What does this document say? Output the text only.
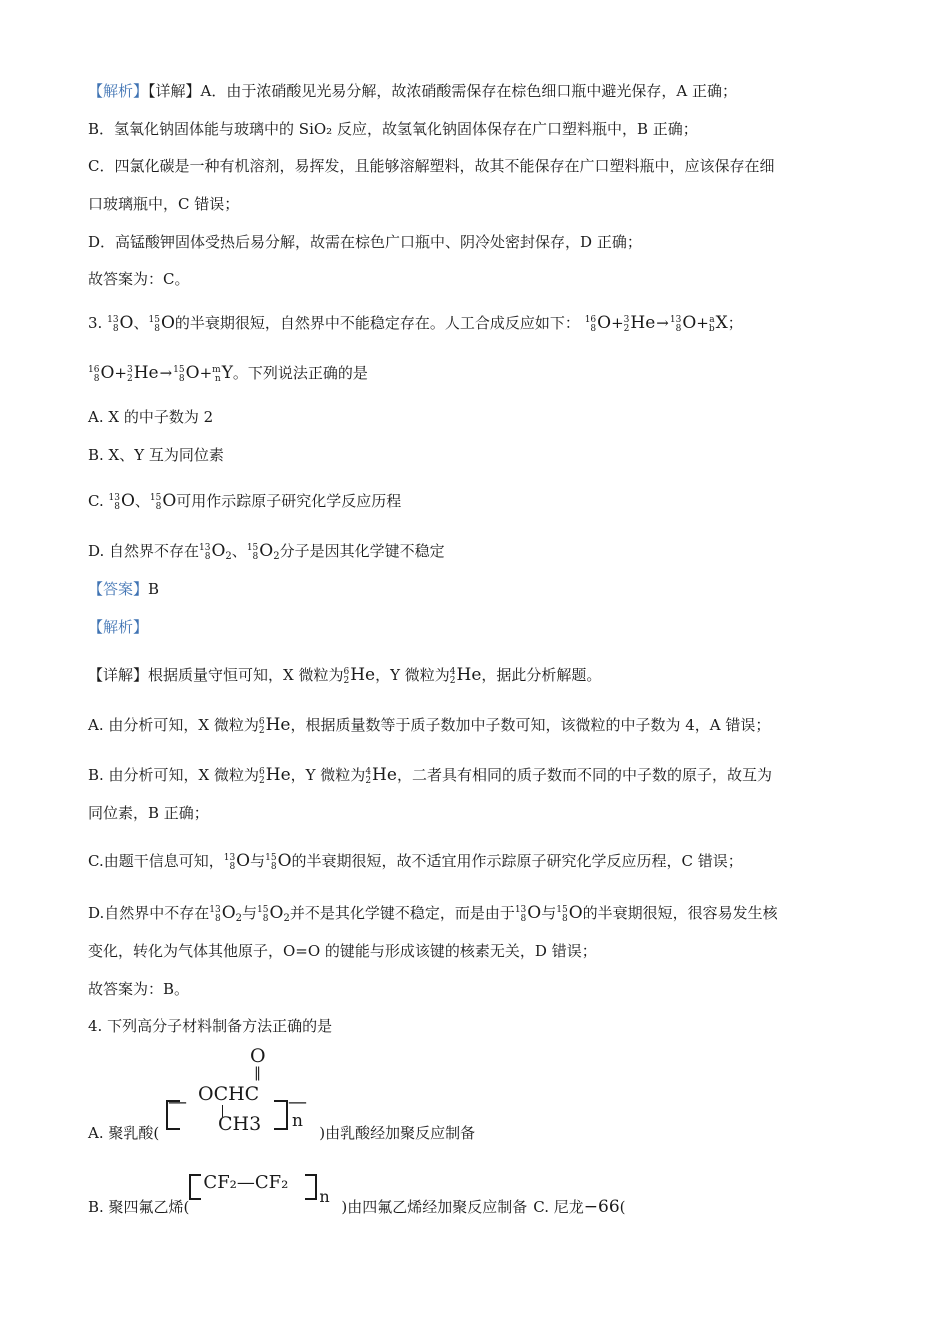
【解析】【详解】A．由于浓硝酸见光易分解，故浓硝酸需保存在棕色细口瓶中避光保存，A 正确；
B．氢氧化钠固体能与玻璃中的 SiO₂ 反应，故氢氧化钠固体保存在广口塑料瓶中，B 正确；
C．四氯化碳是一种有机溶剂，易挥发，且能够溶解塑料，故其不能保存在广口塑料瓶中，应该保存在细
口玻璃瓶中，C 错误；
D．高锰酸钾固体受热后易分解，故需在棕色广口瓶中、阴冷处密封保存，D 正确；
故答案为：C。
3. 13
8 O、 15
8 O的半衰期很短，自然界中不能稳定存在。人工合成反应如下： 16
8 O+ 3
2 He→ 13
8 O+ a
b X；
16
8 O+ 3
2 He→ 15
8 O+ m
n Y。下列说法正确的是
A. X 的中子数为 2
B. X、Y 互为同位素
C. 13
8 O、 15
8 O可用作示踪原子研究化学反应历程
D. 自然界不存在 13
8 $O_2$、 15
8 $O_2$分子是因其化学键不稳定
【答案】B
【解析】
【详解】根据质量守恒可知，X 微粒为 6
2 He，Y 微粒为 4
2 He，据此分析解题。
A. 由分析可知，X 微粒为 6
2 He，根据质量数等于质子数加中子数可知，该微粒的中子数为 4，A 错误；
B. 由分析可知，X 微粒为 6
2 He，Y 微粒为 4
2 He，二者具有相同的质子数而不同的中子数的原子，故互为
同位素，B 正确；
C.由题干信息可知， 13
8 O与 15
8 O的半衰期很短，故不适宜用作示踪原子研究化学反应历程，C 错误；
D.自然界中不存在 13
8 $O_2$与 15
8 $O_2$并不是其化学键不稳定，而是由于 13
8 O与 15
8 O的半衰期很短，很容易发生核
变化，转化为气体其他原子，O=O 的键能与形成该键的核素无关，D 错误；
故答案为：B。
4. 下列高分子材料制备方法正确的是
O
‖
— OCHC
CH3
—
n
A. 聚乳酸(	)由乳酸经加聚反应制备
B. 聚四氟乙烯(
CF₂—CF₂
n
)由四氟乙烯经加聚反应制备 C. 尼龙−66(
